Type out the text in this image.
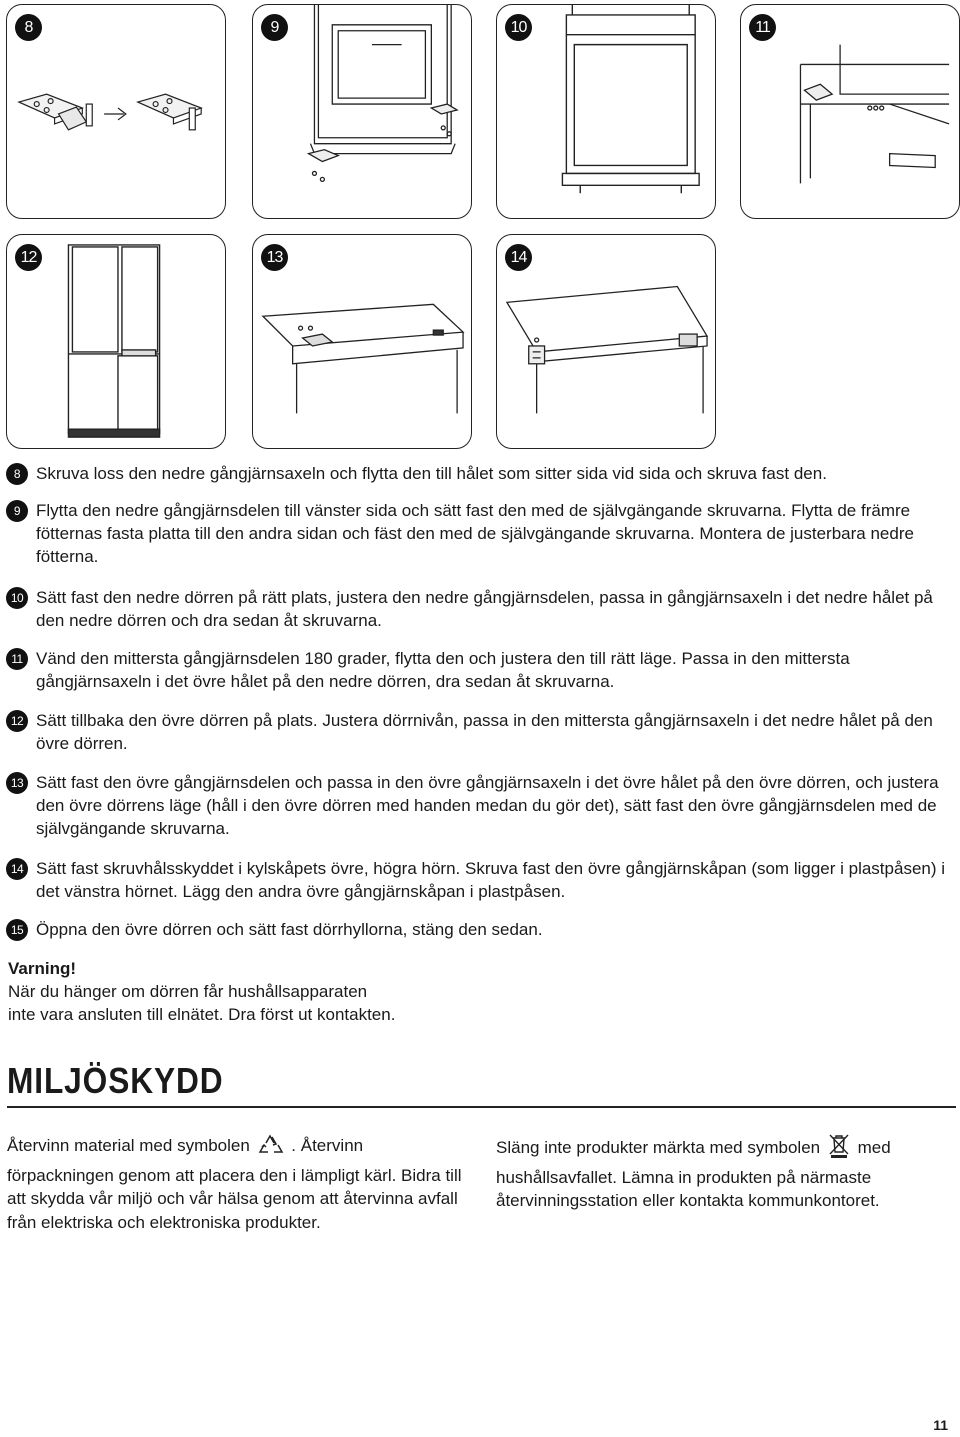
8	9	10	11
12	13	14
8 Skruva loss den nedre gångjärnsaxeln och flytta den till hålet som sitter sida vid sida och skruva fast den.
9 Flytta den nedre gångjärnsdelen till vänster sida och sätt fast den med de självgängande skruvarna. Flytta de främre fötternas fasta platta till den andra sidan och fäst den med de självgängande skruvarna. Montera de justerbara nedre fötterna.
10 Sätt fast den nedre dörren på rätt plats, justera den nedre gångjärnsdelen, passa in gångjärnsaxeln i det nedre hålet på den nedre dörren och dra sedan åt skruvarna.
11 Vänd den mittersta gångjärnsdelen 180 grader, flytta den och justera den till rätt läge. Passa in den mittersta gångjärnsaxeln i det övre hålet på den nedre dörren, dra sedan åt skruvarna.
12 Sätt tillbaka den övre dörren på plats. Justera dörrnivån, passa in den mittersta gångjärnsaxeln i det nedre hålet på den övre dörren.
13 Sätt fast den övre gångjärnsdelen och passa in den övre gångjärnsaxeln i det övre hålet på den övre dörren, och justera den övre dörrens läge (håll i den övre dörren med handen medan du gör det), sätt fast den övre gångjärnsdelen med de självgängande skruvarna.
14 Sätt fast skruvhålsskyddet i kylskåpets övre, högra hörn. Skruva fast den övre gångjärnskåpan (som ligger i plastpåsen) i det vänstra hörnet. Lägg den andra övre gångjärnskåpan i plastpåsen.
15 Öppna den övre dörren och sätt fast dörrhyllorna, stäng den sedan.
Varning!
När du hänger om dörren får hushållsapparaten
inte vara ansluten till elnätet. Dra först ut kontakten.
MILJÖSKYDD
Återvinn material med symbolen . Återvinn förpackningen genom att placera den i lämpligt kärl. Bidra till att skydda vår miljö och vår hälsa genom att återvinna avfall från elektriska och elektroniska produkter.
Släng inte produkter märkta med symbolen  med hushållsavfallet. Lämna in produkten på närmaste återvinningsstation eller kontakta kommunkontoret.
11
